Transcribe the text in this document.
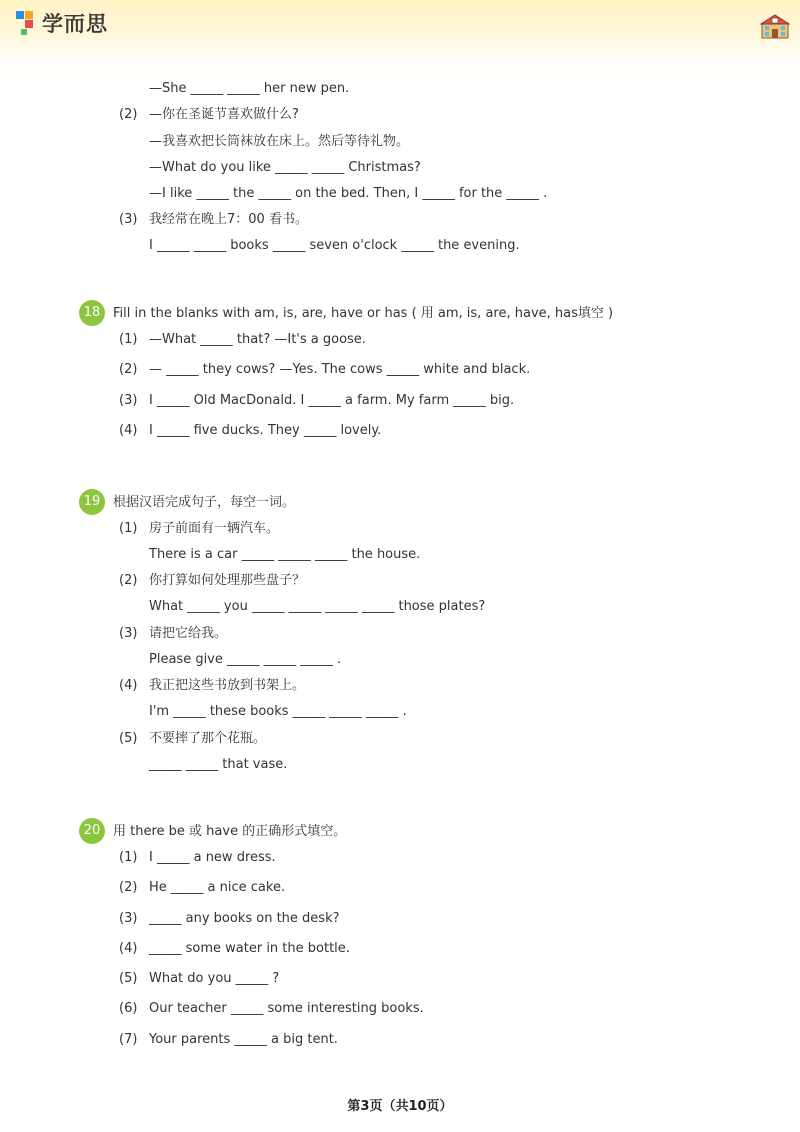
学而思
—She _____ _____ her new pen.
(2) —你在圣诞节喜欢做什么?
—我喜欢把长筒袜放在床上。然后等待礼物。
—What do you like _____ _____ Christmas?
—I like _____ the _____ on the bed. Then, I _____ for the _____ .
(3) 我经常在晚上7：00 看书。
I _____ _____ books _____ seven o'clock _____ the evening.
18 Fill in the blanks with am, is, are, have or has ( 用 am, is, are, have, has填空 )
(1) —What _____ that? —It's a goose.
(2) — _____ they cows? —Yes. The cows _____ white and black.
(3) I _____ Old MacDonald. I _____ a farm. My farm _____ big.
(4) I _____ five ducks. They _____ lovely.
19 根据汉语完成句子，每空一词。
(1) 房子前面有一辆汽车。
There is a car _____ _____ _____ the house.
(2) 你打算如何处理那些盘子？
What _____ you _____ _____ _____ _____ those plates?
(3) 请把它给我。
Please give _____ _____ _____ .
(4) 我正把这些书放到书架上。
I'm _____ these books _____ _____ _____ .
(5) 不要摔了那个花瓶。
_____ _____ that vase.
20 用 there be 或 have 的正确形式填空。
(1) I _____ a new dress.
(2) He _____ a nice cake.
(3) _____ any books on the desk?
(4) _____ some water in the bottle.
(5) What do you _____ ?
(6) Our teacher _____ some interesting books.
(7) Your parents _____ a big tent.
第3页（共10页）
